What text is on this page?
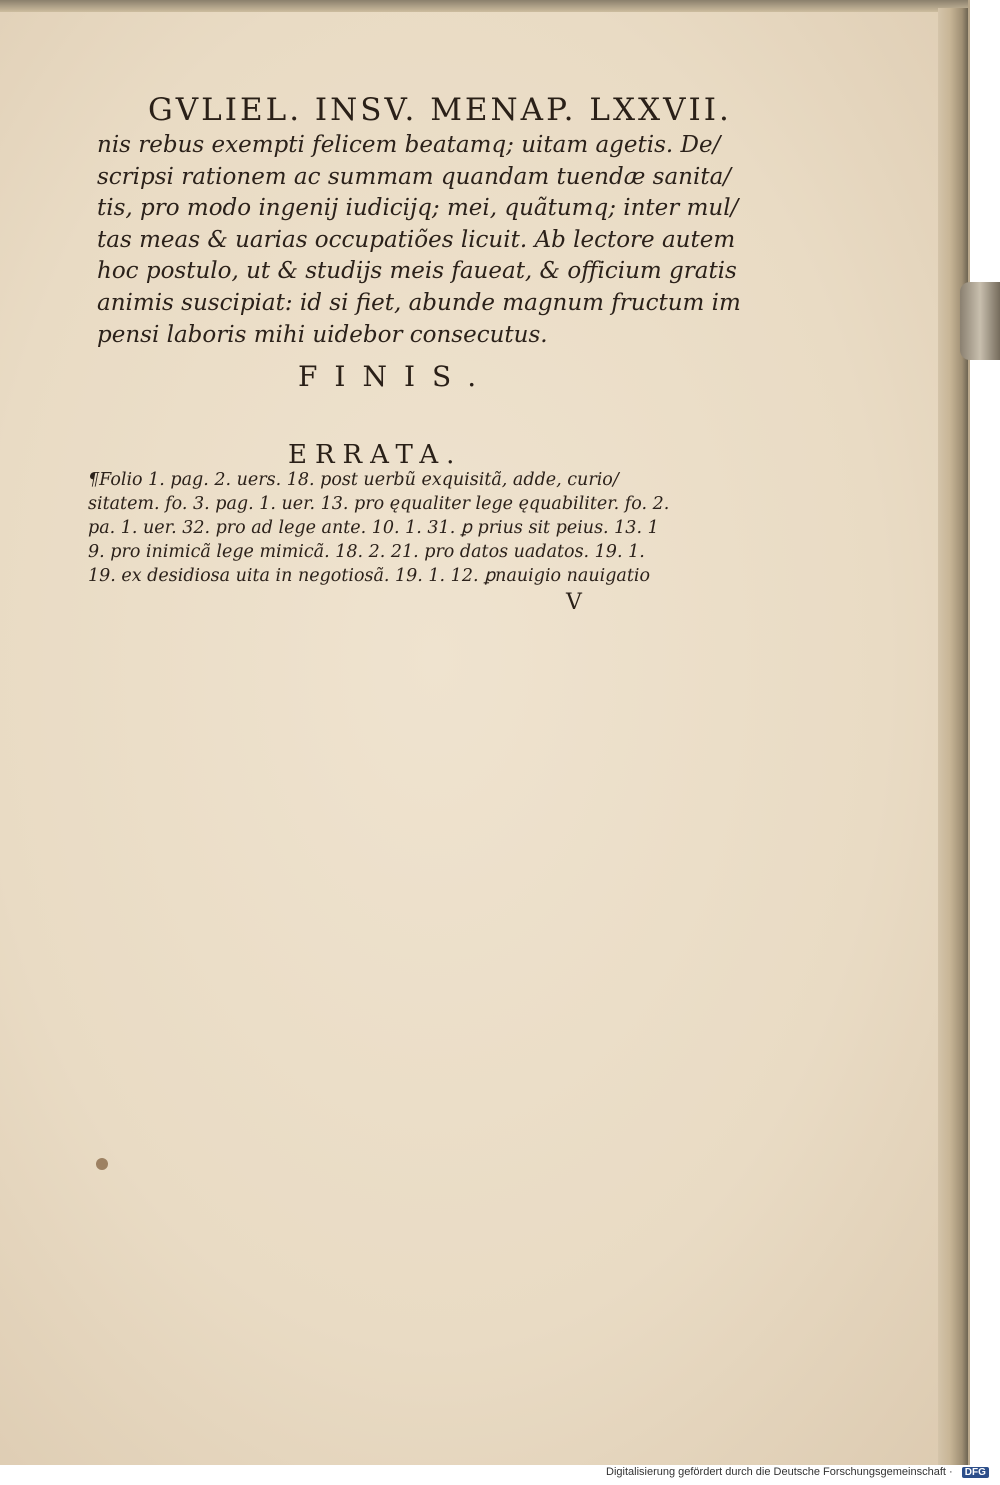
GVLIEL. INSV. MENAP. LXXVII.
nis rebus exempti felicem beatamq; uitam agetis. De/
scripsi rationem ac summam quandam tuendæ sanita/
tis, pro modo ingenij iudicijq; mei, quãtumq; inter mul/
tas meas & uarias occupatiões licuit. Ab lectore autem
hoc postulo, ut & studijs meis faueat, & officium gratis
animis suscipiat: id si fiet, abunde magnum fructum im
pensi laboris mihi uidebor consecutus.
FINIS.
ERRATA.
¶Folio 1. pag. 2. uers. 18. post uerbũ exquisitã, adde, curio/
sitatem. fo. 3. pag. 1. uer. 13. pro ęqualiter lege ęquabiliter. fo. 2.
pa. 1. uer. 32. pro ad lege ante. 10. 1. 31. ꝑ prius sit peius. 13. 1
9. pro inimicã lege mimicã. 18. 2. 21. pro datos uadatos. 19. 1.
19. ex desidiosa uita in negotiosã. 19. 1. 12. ꝑnauigio nauigatio
V
Digitalisierung gefördert durch die Deutsche Forschungsgemeinschaft · DFG
